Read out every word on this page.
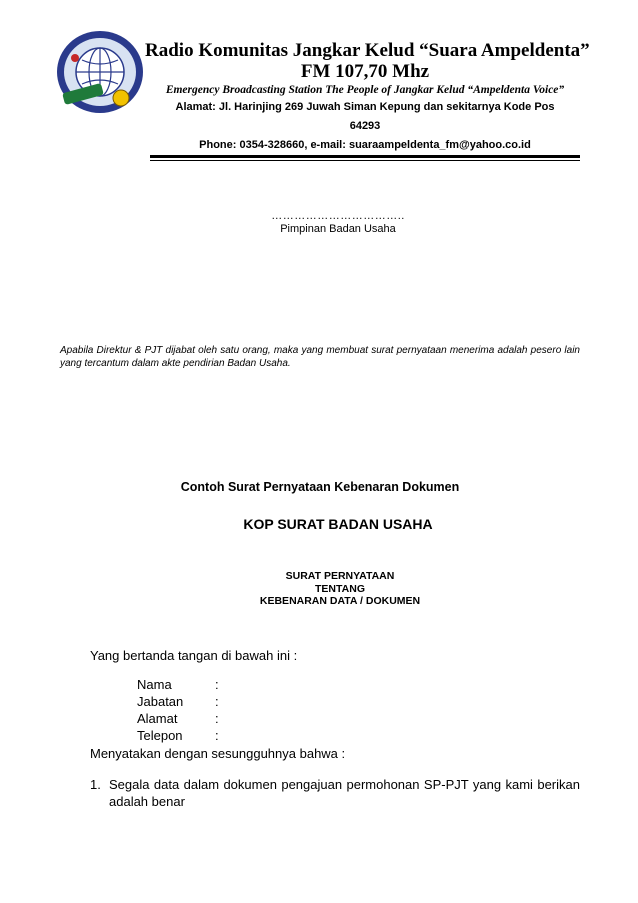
Radio Komunitas Jangkar Kelud “Suara Ampeldenta”
FM 107,70 Mhz
Emergency Broadcasting Station The People of Jangkar Kelud “Ampeldenta Voice”
Alamat: Jl. Harinjing 269 Juwah Siman Kepung dan sekitarnya Kode Pos
64293
Phone: 0354-328660, e-mail: suaraampeldenta_fm@yahoo.co.id
……………………………..
Pimpinan Badan Usaha
Apabila Direktur & PJT dijabat oleh satu orang, maka yang membuat surat pernyataan menerima adalah pesero lain yang tercantum dalam akte pendirian Badan Usaha.
Contoh Surat Pernyataan Kebenaran Dokumen
KOP SURAT BADAN USAHA
SURAT PERNYATAAN
TENTANG
KEBENARAN DATA / DOKUMEN
Yang bertanda tangan di bawah ini :
Nama	:
Jabatan	:
Alamat	:
Telepon	:
Menyatakan dengan sesungguhnya bahwa :
1. Segala data dalam dokumen pengajuan permohonan SP-PJT yang kami berikan adalah benar
